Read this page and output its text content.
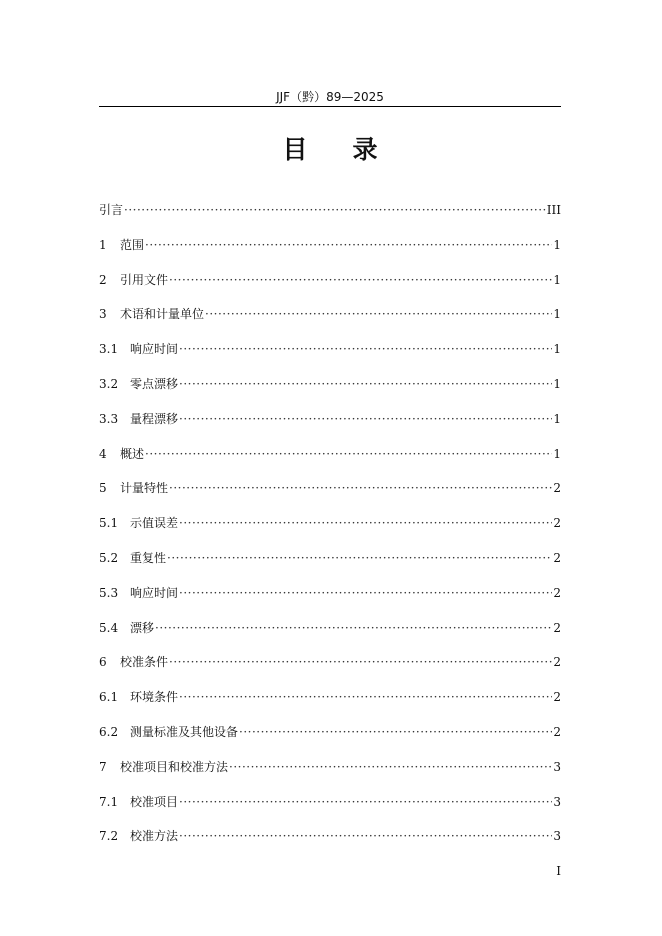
JJF（黔）89—2025
目录
引言 ·····	III
1	范围 ·····	1
2	引用文件 ·····	1
3	术语和计量单位 ·····	1
3.1 响应时间 ·····	1
3.2 零点漂移 ·····	1
3.3 量程漂移 ·····	1
4	概述 ·····	1
5	计量特性 ·····	2
5.1 示值误差 ·····	2
5.2 重复性 ·····	2
5.3 响应时间 ·····	2
5.4 漂移 ·····	2
6	校准条件 ·····	2
6.1 环境条件 ·····	2
6.2 测量标准及其他设备 ·····	2
7	校准项目和校准方法 ·····	3
7.1 校准项目 ·····	3
7.2 校准方法 ·····	3
I
